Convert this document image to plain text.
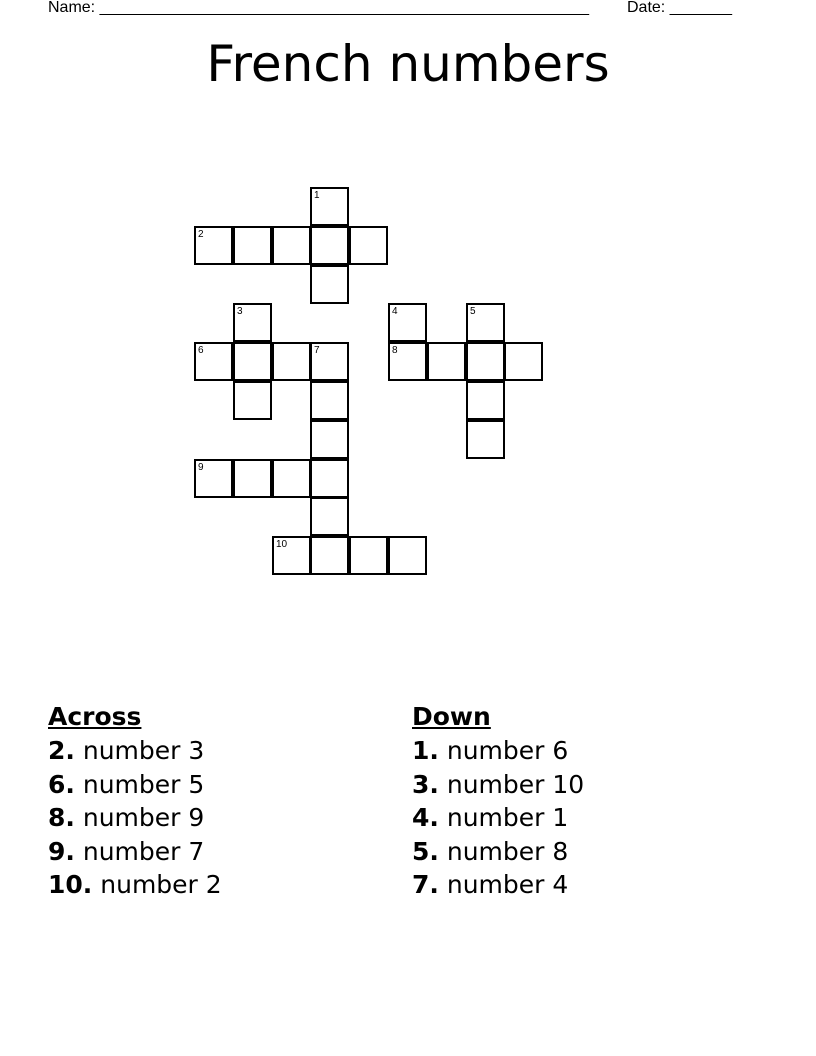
Name: _______________________________________________________ Date: _______
French numbers
1
2
3	4	5
6	7	8
9
10
Across
2. number 3
6. number 5
8. number 9
9. number 7
10. number 2
Down
1. number 6
3. number 10
4. number 1
5. number 8
7. number 4
